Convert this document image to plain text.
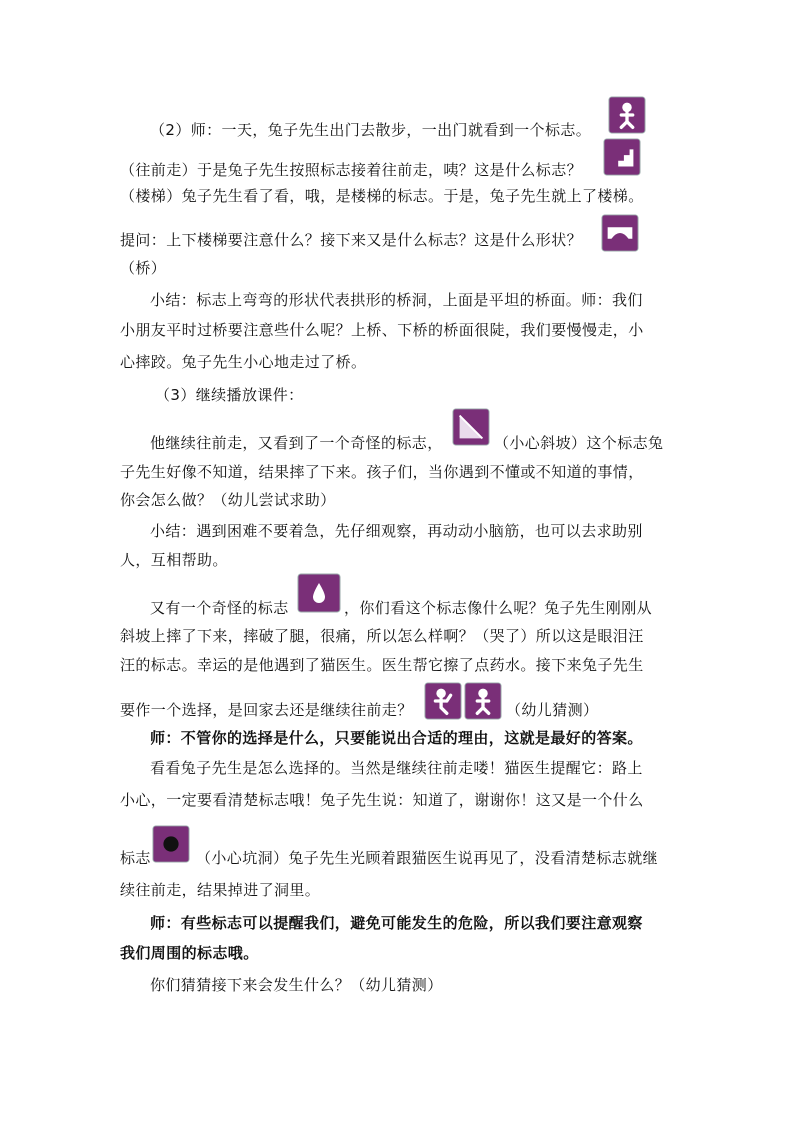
（2）师：一天，兔子先生出门去散步，一出门就看到一个标志。
（往前走）于是兔子先生按照标志接着往前走，咦？这是什么标志？
（楼梯）兔子先生看了看，哦，是楼梯的标志。于是，兔子先生就上了楼梯。
提问：上下楼梯要注意什么？接下来又是什么标志？这是什么形状？
（桥）
小结：标志上弯弯的形状代表拱形的桥洞，上面是平坦的桥面。师：我们
小朋友平时过桥要注意些什么呢？上桥、下桥的桥面很陡，我们要慢慢走，小
心摔跤。兔子先生小心地走过了桥。
（3）继续播放课件：
他继续往前走，又看到了一个奇怪的标志，	（小心斜坡）这个标志兔
子先生好像不知道，结果摔了下来。孩子们，当你遇到不懂或不知道的事情，
你会怎么做？（幼儿尝试求助）
小结：遇到困难不要着急，先仔细观察，再动动小脑筋，也可以去求助别
人，互相帮助。
又有一个奇怪的标志	，你们看这个标志像什么呢？兔子先生刚刚从
斜坡上摔了下来，摔破了腿，很痛，所以怎么样啊？（哭了）所以这是眼泪汪
汪的标志。幸运的是他遇到了猫医生。医生帮它擦了点药水。接下来兔子先生
要作一个选择，是回家去还是继续往前走？	（幼儿猜测）
师：不管你的选择是什么，只要能说出合适的理由，这就是最好的答案。
看看兔子先生是怎么选择的。当然是继续往前走喽！猫医生提醒它：路上
小心，一定要看清楚标志哦！兔子先生说：知道了，谢谢你！这又是一个什么
标志	（小心坑洞）兔子先生光顾着跟猫医生说再见了，没看清楚标志就继
续往前走，结果掉进了洞里。
师：有些标志可以提醒我们，避免可能发生的危险，所以我们要注意观察
我们周围的标志哦。
你们猜猜接下来会发生什么？（幼儿猜测）
